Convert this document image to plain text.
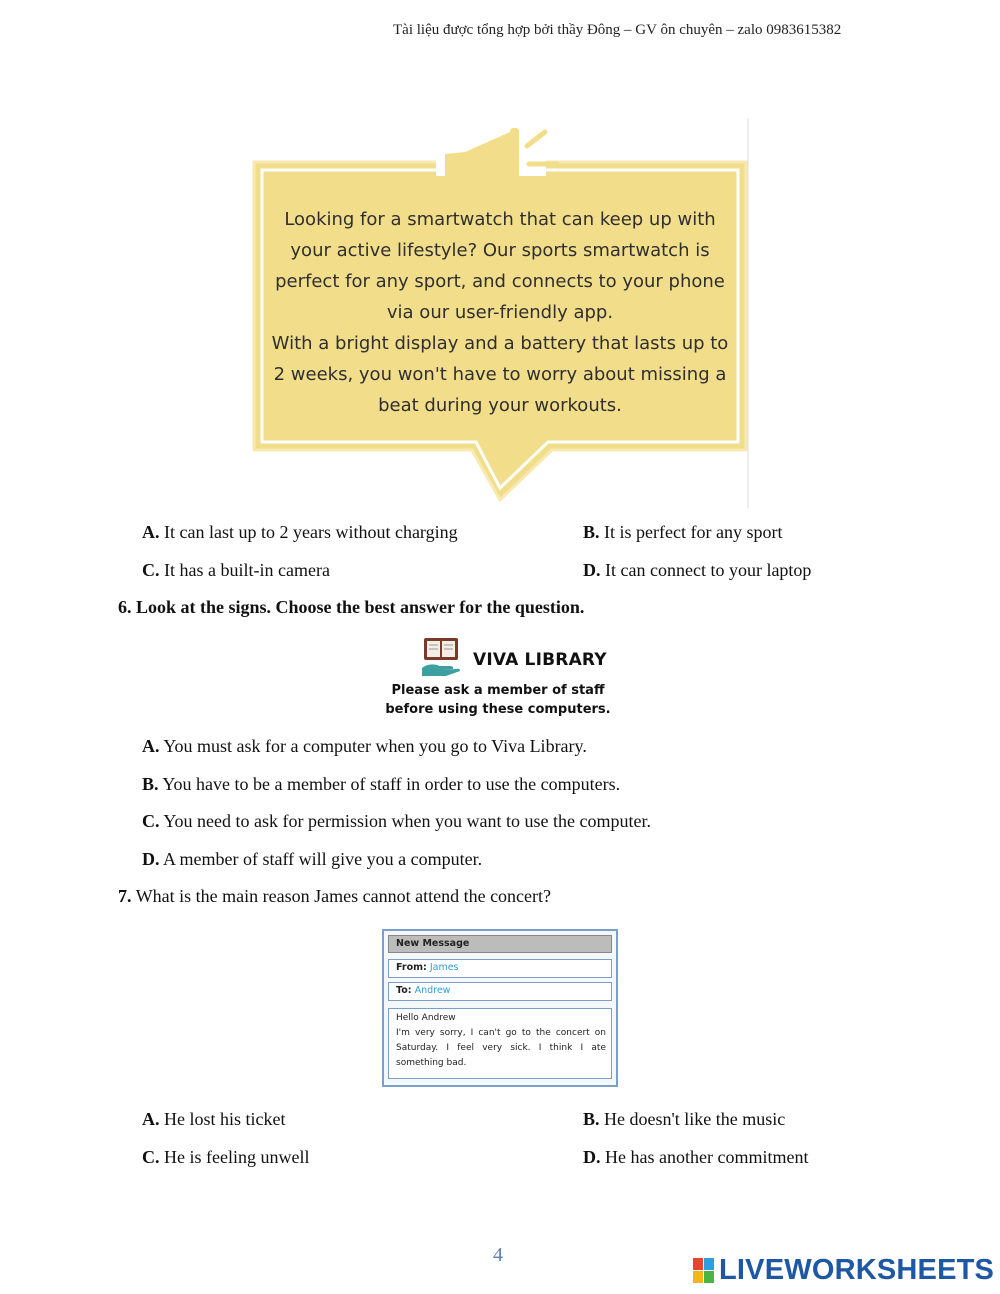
Tài liệu được tổng hợp bởi thầy Đông – GV ôn chuyên – zalo 0983615382
Looking for a smartwatch that can keep up with
your active lifestyle? Our sports smartwatch is
perfect for any sport, and connects to your phone
via our user-friendly app.
With a bright display and a battery that lasts up to
2 weeks, you won't have to worry about missing a
beat during your workouts.
A. It can last up to 2 years without charging	B. It is perfect for any sport
C. It has a built-in camera	D. It can connect to your laptop
6. Look at the signs. Choose the best answer for the question.
VIVA LIBRARY
Please ask a member of staff
before using these computers.
A. You must ask for a computer when you go to Viva Library.
B. You have to be a member of staff in order to use the computers.
C. You need to ask for permission when you want to use the computer.
D. A member of staff will give you a computer.
7. What is the main reason James cannot attend the concert?
New Message
From: James
To: Andrew
Hello Andrew
I'm very sorry, I can't go to the concert on Saturday. I feel very sick. I think I ate something bad.
A. He lost his ticket	B. He doesn't like the music
C. He is feeling unwell	D. He has another commitment
4	LIVEWORKSHEETS
